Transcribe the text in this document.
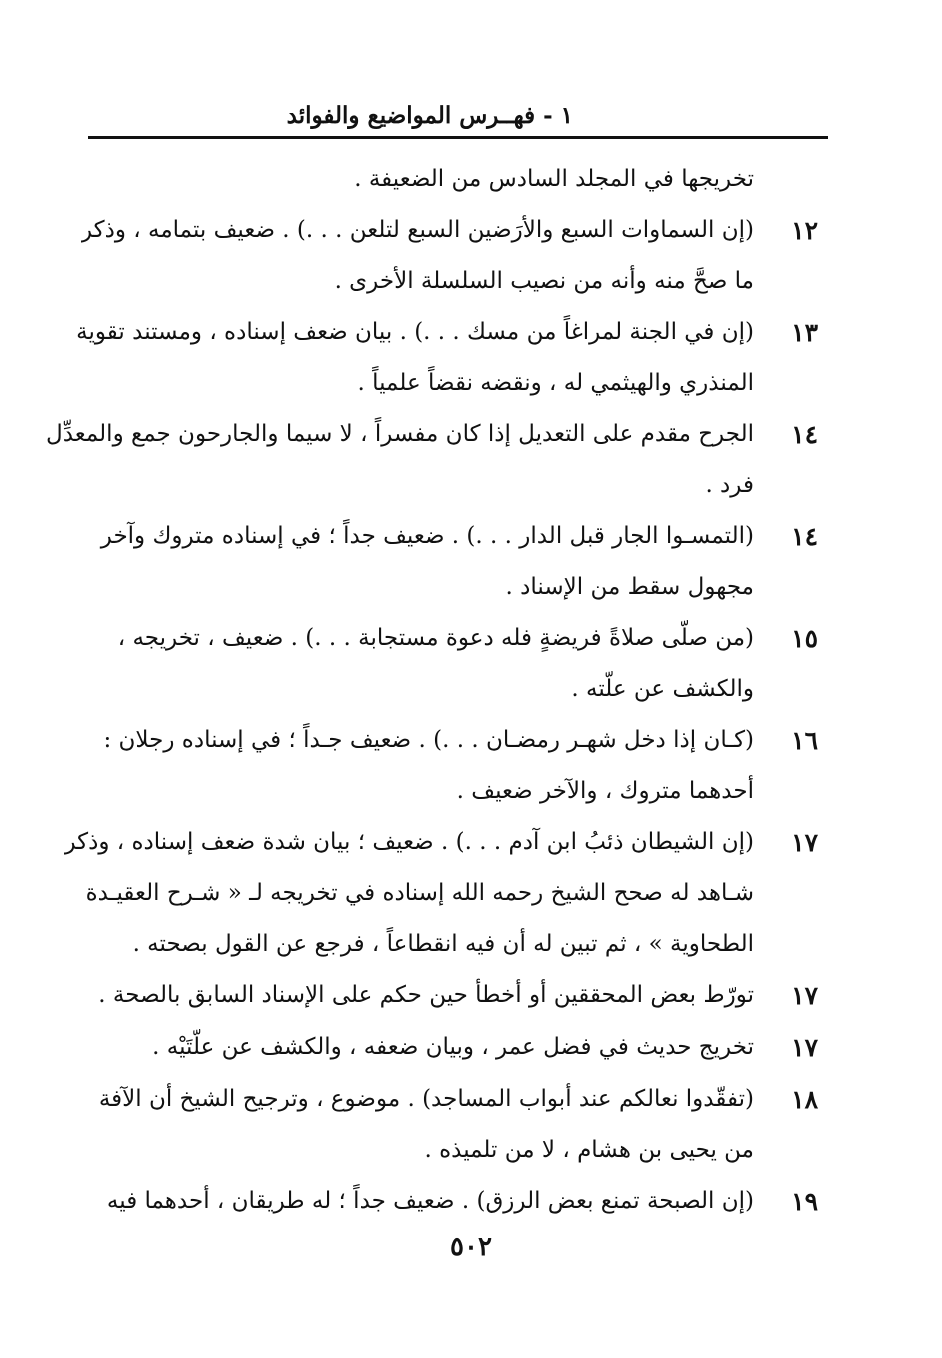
١ - فهــرس المواضيع والفوائد
تخريجها في المجلد السادس من الضعيفة .
١٢
(إن السماوات السبع والأرَضين السبع لتلعن . . .) . ضعيف بتمامه ، وذكر
ما صحَّ منه وأنه من نصيب السلسلة الأخرى .
١٣
(إن في الجنة لمراغاً من مسك . . .) . بيان ضعف إسناده ، ومستند تقوية
المنذري والهيثمي له ، ونقضه نقضاً علمياً .
١٤
الجرح مقدم على التعديل إذا كان مفسراً ، لا سيما والجارحون جمع والمعدِّل
فرد .
١٤
(التمسـوا الجار قبل الدار . . .) . ضعيف جداً ؛ في إسناده متروك وآخر
مجهول سقط من الإسناد .
١٥
(من صلّى صلاةً فريضةٍ فله دعوة مستجابة . . .) . ضعيف ، تخريجه ،
والكشف عن علّته .
١٦
(كـان إذا دخل شهـر رمضـان . . .) . ضعيف جـداً ؛ في إسناده رجلان :
أحدهما متروك ، والآخر ضعيف .
١٧
(إن الشيطان ذئبُ ابن آدم . . .) . ضعيف ؛ بيان شدة ضعف إسناده ، وذكر
شـاهد له صحح الشيخ رحمه الله إسناده في تخريجه لـ « شـرح العقيـدة
الطحاوية » ، ثم تبين له أن فيه انقطاعاً ، فرجع عن القول بصحته .
١٧
تورّط بعض المحققين أو أخطأ حين حكم على الإسناد السابق بالصحة .
١٧
تخريج حديث في فضل عمر ، وبيان ضعفه ، والكشف عن علّتَيْه .
١٨
(تفقّدوا نعالكم عند أبواب المساجد) . موضوع ، وترجيح الشيخ أن الآفة
من يحيى بن هشام ، لا من تلميذه .
١٩
(إن الصبحة تمنع بعض الرزق) . ضعيف جداً ؛ له طريقان ، أحدهما فيه
٥٠٢
